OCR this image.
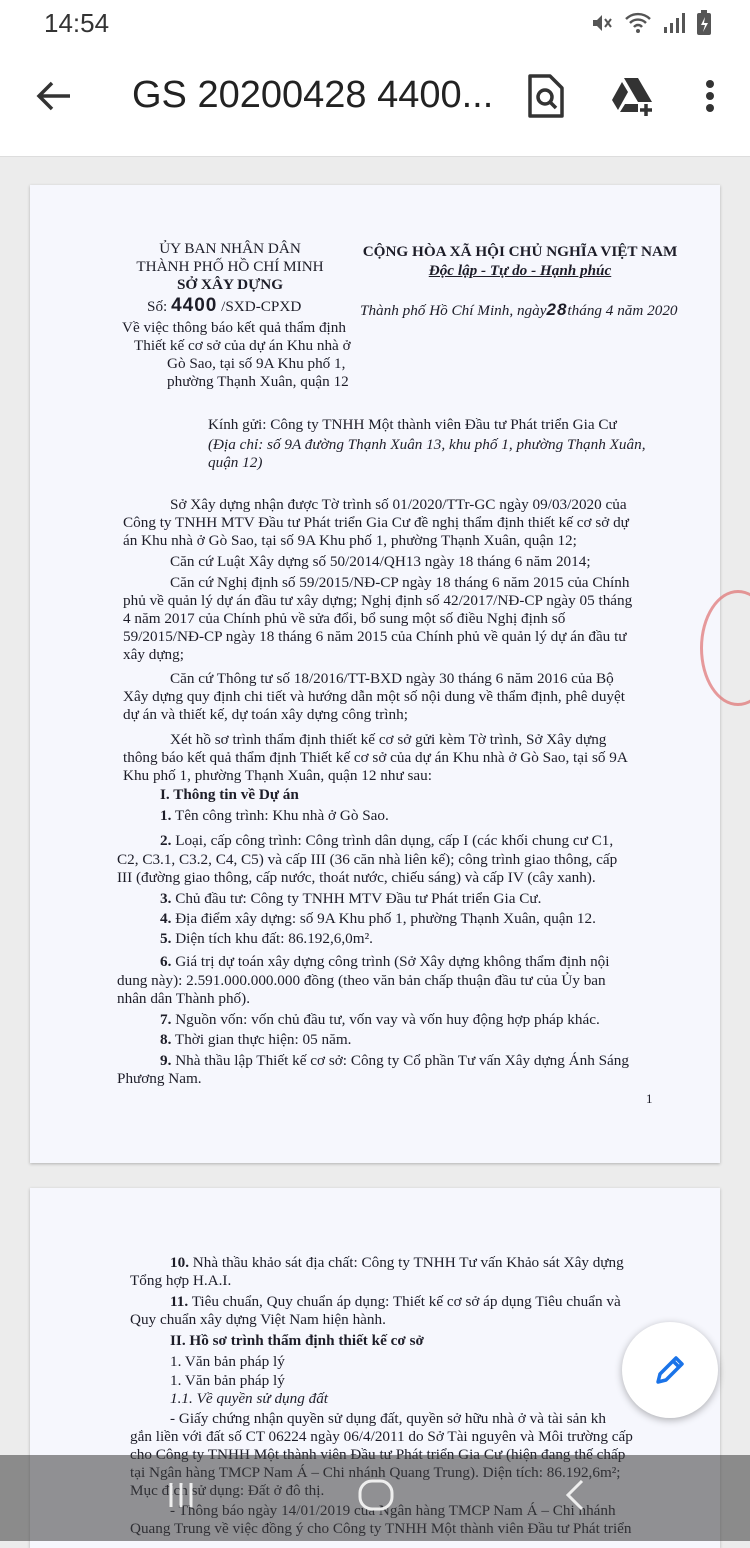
14:54
GS 20200428 4400...
ỦY BAN NHÂN DÂN
THÀNH PHỐ HỒ CHÍ MINH
SỞ XÂY DỰNG
CỘNG HÒA XÃ HỘI CHỦ NGHĨA VIỆT NAM
Độc lập - Tự do - Hạnh phúc
Số: 4400 /SXD-CPXD	Thành phố Hồ Chí Minh, ngày28tháng 4 năm 2020
Về việc thông báo kết quả thẩm định
Thiết kế cơ sở của dự án Khu nhà ở
Gò Sao, tại số 9A Khu phố 1,
phường Thạnh Xuân, quận 12
Kính gửi: Công ty TNHH Một thành viên Đầu tư Phát triển Gia Cư
(Địa chỉ: số 9A đường Thạnh Xuân 13, khu phố 1, phường Thạnh Xuân,
quận 12)
Sở Xây dựng nhận được Tờ trình số 01/2020/TTr-GC ngày 09/03/2020 của
Công ty TNHH MTV Đầu tư Phát triển Gia Cư đề nghị thẩm định thiết kế cơ sở dự
án Khu nhà ở Gò Sao, tại số 9A Khu phố 1, phường Thạnh Xuân, quận 12;
Căn cứ Luật Xây dựng số 50/2014/QH13 ngày 18 tháng 6 năm 2014;
Căn cứ Nghị định số 59/2015/NĐ-CP ngày 18 tháng 6 năm 2015 của Chính
phủ về quản lý dự án đầu tư xây dựng; Nghị định số 42/2017/NĐ-CP ngày 05 tháng
4 năm 2017 của Chính phủ về sửa đổi, bổ sung một số điều Nghị định số
59/2015/NĐ-CP ngày 18 tháng 6 năm 2015 của Chính phủ về quản lý dự án đầu tư
xây dựng;
Căn cứ Thông tư số 18/2016/TT-BXD ngày 30 tháng 6 năm 2016 của Bộ
Xây dựng quy định chi tiết và hướng dẫn một số nội dung về thẩm định, phê duyệt
dự án và thiết kế, dự toán xây dựng công trình;
Xét hồ sơ trình thẩm định thiết kế cơ sở gửi kèm Tờ trình, Sở Xây dựng
thông báo kết quả thẩm định Thiết kế cơ sở của dự án Khu nhà ở Gò Sao, tại số 9A
Khu phố 1, phường Thạnh Xuân, quận 12 như sau:
I. Thông tin về Dự án
1. Tên công trình: Khu nhà ở Gò Sao.
2. Loại, cấp công trình: Công trình dân dụng, cấp I (các khối chung cư C1,
C2, C3.1, C3.2, C4, C5) và cấp III (36 căn nhà liên kế); công trình giao thông, cấp
III (đường giao thông, cấp nước, thoát nước, chiếu sáng) và cấp IV (cây xanh).
3. Chủ đầu tư: Công ty TNHH MTV Đầu tư Phát triển Gia Cư.
4. Địa điểm xây dựng: số 9A Khu phố 1, phường Thạnh Xuân, quận 12.
5. Diện tích khu đất: 86.192,6,0m².
6. Giá trị dự toán xây dựng công trình (Sở Xây dựng không thẩm định nội
dung này): 2.591.000.000.000 đồng (theo văn bản chấp thuận đầu tư của Ủy ban
nhân dân Thành phố).
7. Nguồn vốn: vốn chủ đầu tư, vốn vay và vốn huy động hợp pháp khác.
8. Thời gian thực hiện: 05 năm.
9. Nhà thầu lập Thiết kế cơ sở: Công ty Cổ phần Tư vấn Xây dựng Ánh Sáng
Phương Nam.
1
10. Nhà thầu khảo sát địa chất: Công ty TNHH Tư vấn Khảo sát Xây dựng
Tổng hợp H.A.I.
11. Tiêu chuẩn, Quy chuẩn áp dụng: Thiết kế cơ sở áp dụng Tiêu chuẩn và
Quy chuẩn xây dựng Việt Nam hiện hành.
II. Hồ sơ trình thẩm định thiết kế cơ sở
1. Văn bản pháp lý
1. Văn bản pháp lý
1.1. Về quyền sử dụng đất
- Giấy chứng nhận quyền sử dụng đất, quyền sở hữu nhà ở và tài sản kh
gắn liền với đất số CT 06224 ngày 06/4/2011 do Sở Tài nguyên và Môi trường cấp
